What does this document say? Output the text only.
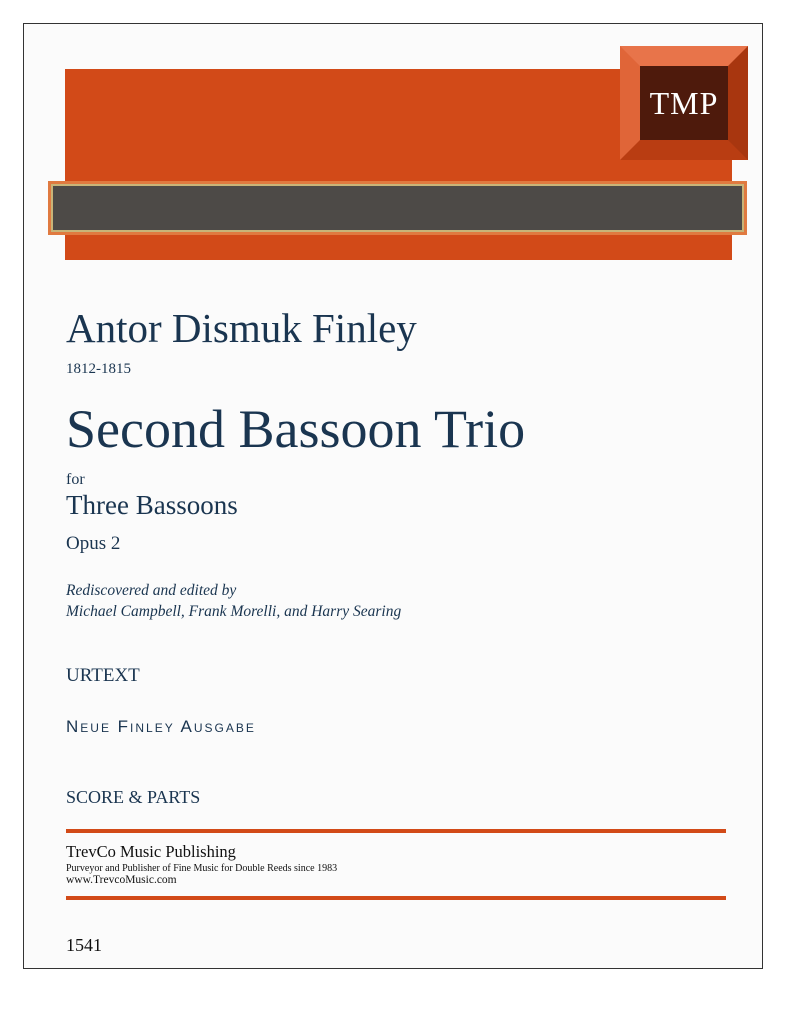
TMP
Antor Dismuk Finley
1812-1815
Second Bassoon Trio
for
Three Bassoons
Opus 2
Rediscovered and edited by
Michael Campbell, Frank Morelli, and Harry Searing
URTEXT
Neue Finley Ausgabe
SCORE & PARTS
TrevCo Music Publishing
Purveyor and Publisher of Fine Music for Double Reeds since 1983
www.TrevcoMusic.com
1541
